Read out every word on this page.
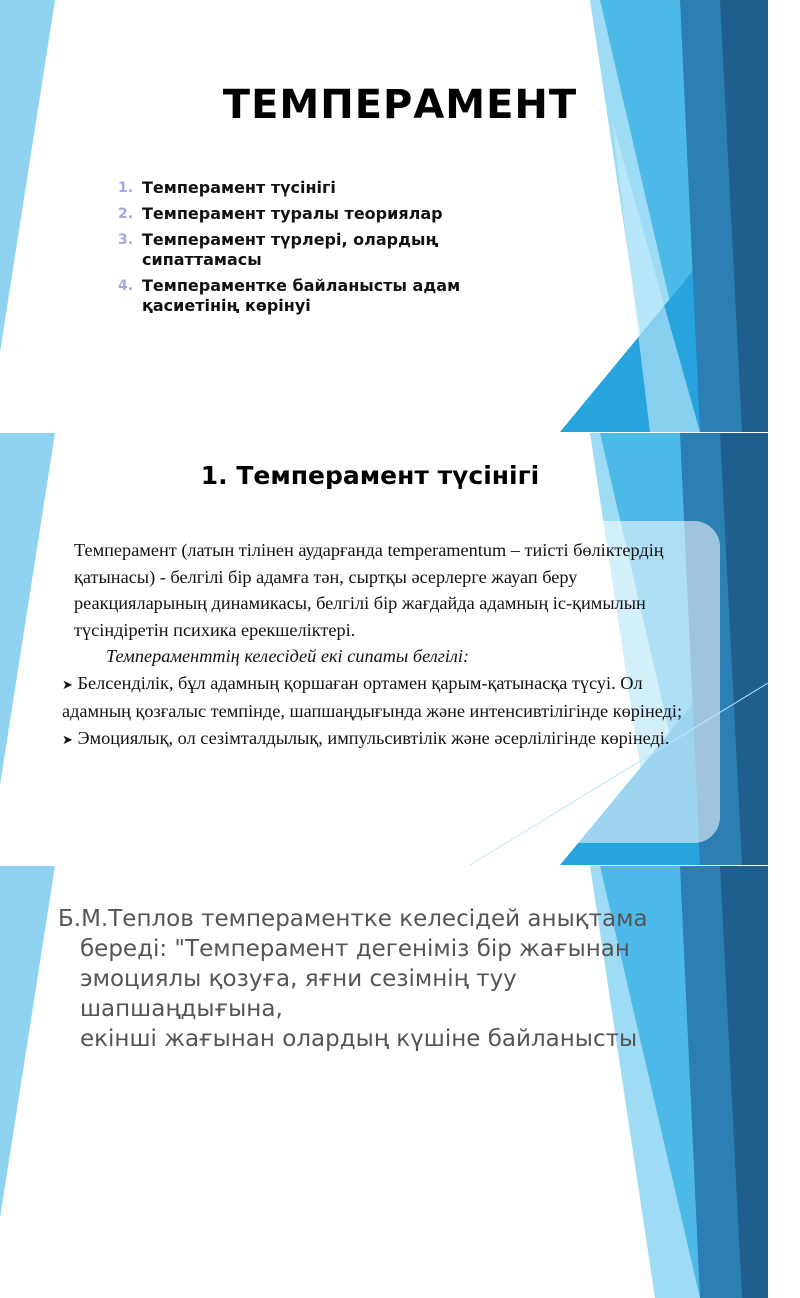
ТЕМПЕРАМЕНТ
1. Темперамент түсінігі
2. Темперамент туралы теориялар
3. Темперамент түрлері, олардың сипаттамасы
4. Темпераментке байланысты адам қасиетінің көрінуі
1. Темперамент түсінігі

Темперамент (латын тілінен аударғанда temperamentum – тиісті бөліктердің қатынасы) - белгілі бір адамға тән, сыртқы әсерлерге жауап беру реакцияларының динамикасы, белгілі бір жағдайда адамның іс-қимылын түсіндіретін психика ерекшеліктері.

Темпераменттің келесідей екі сипаты белгілі:

➤ Белсенділік, бұл адамның қоршаған ортамен қарым-қатынасқа түсуі. Ол адамның қозғалыс темпінде, шапшаңдығында және интенсивтілігінде көрінеді;

➤ Эмоциялық, ол сезімталдылық, импульсивтілік және әсерлілігінде көрінеді.

Б.М.Теплов темпераментке келесідей анықтама

береді: "Темперамент дегеніміз бір жағынан

эмоциялы қозуға, яғни сезімнің туу шапшаңдығына,

екінші жағынан олардың күшіне байланысты
